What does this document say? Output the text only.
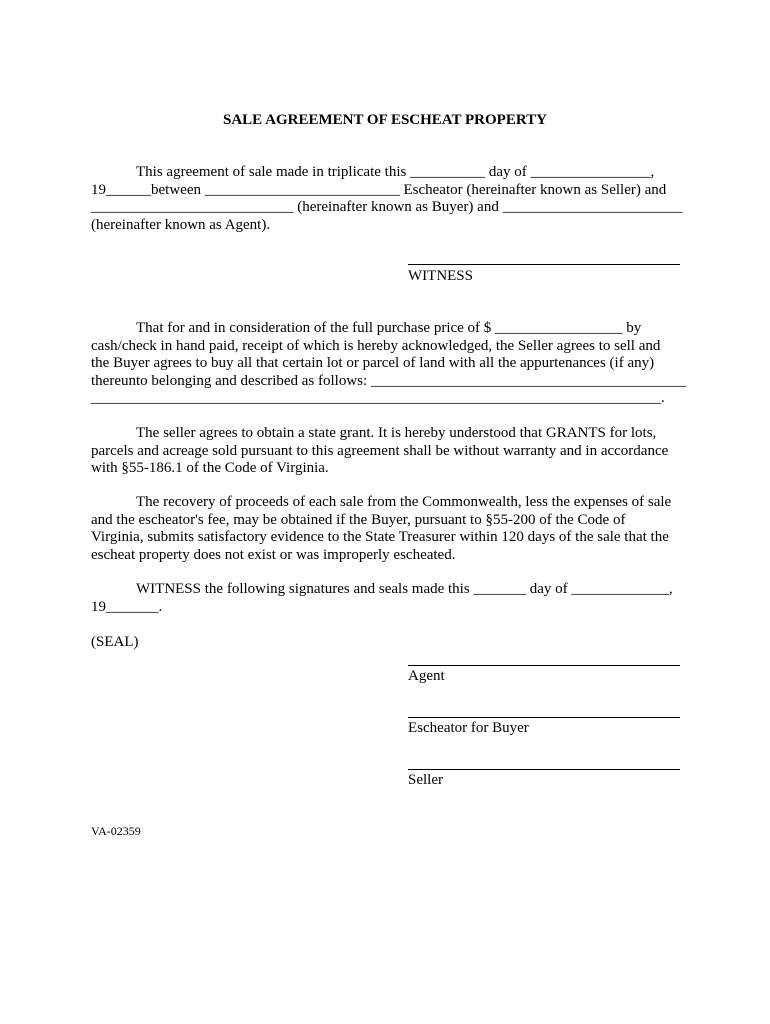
SALE AGREEMENT OF ESCHEAT PROPERTY
This agreement of sale made in triplicate this __________ day of ________________,
19______between __________________________ Escheator (hereinafter known as Seller) and
___________________________ (hereinafter known as Buyer) and ________________________
(hereinafter known as Agent).
WITNESS
That for and in consideration of the full purchase price of $ _________________ by
cash/check in hand paid, receipt of which is hereby acknowledged, the Seller agrees to sell and
the Buyer agrees to buy all that certain lot or parcel of land with all the appurtenances (if any)
thereunto belonging and described as follows: __________________________________________
____________________________________________________________________________.
The seller agrees to obtain a state grant. It is hereby understood that GRANTS for lots,
parcels and acreage sold pursuant to this agreement shall be without warranty and in accordance
with §55-186.1 of the Code of Virginia.
The recovery of proceeds of each sale from the Commonwealth, less the expenses of sale
and the escheator's fee, may be obtained if the Buyer, pursuant to §55-200 of the Code of
Virginia, submits satisfactory evidence to the State Treasurer within 120 days of the sale that the
escheat property does not exist or was improperly escheated.
WITNESS the following signatures and seals made this _______ day of _____________,
19_______.
(SEAL)
Agent
Escheator for Buyer
Seller
VA-02359
